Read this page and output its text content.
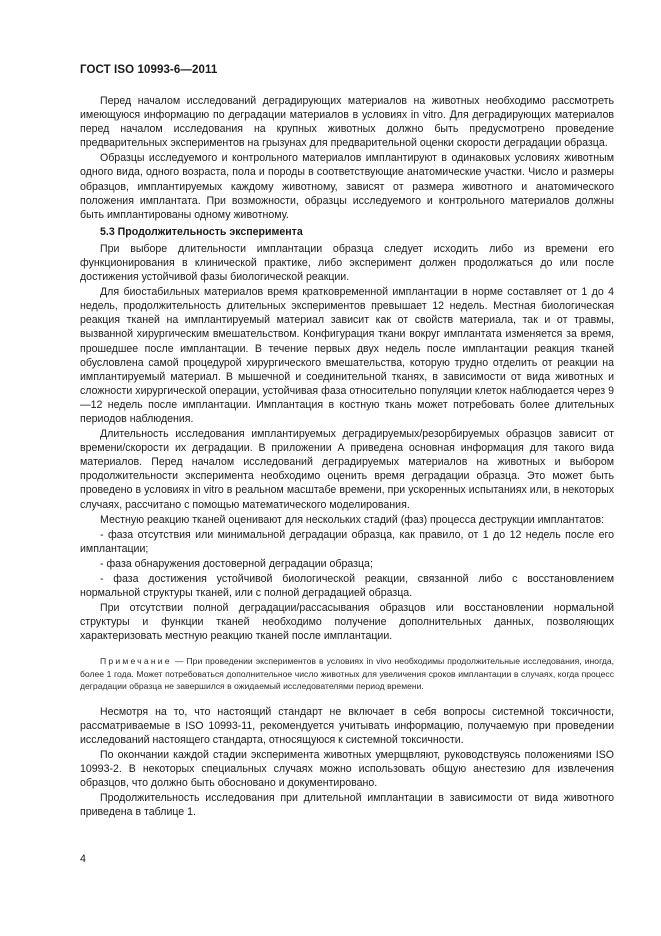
ГОСТ ISO 10993-6—2011

Перед началом исследований деградирующих материалов на животных необходимо рассмотреть имеющуюся информацию по деградации материалов в условиях in vitro. Для деградирующих материалов перед началом исследования на крупных животных должно быть предусмотрено проведение предварительных экспериментов на грызунах для предварительной оценки скорости деградации образца.

Образцы исследуемого и контрольного материалов имплантируют в одинаковых условиях животным одного вида, одного возраста, пола и породы в соответствующие анатомические участки. Число и размеры образцов, имплантируемых каждому животному, зависят от размера животного и анатомического положения имплантата. При возможности, образцы исследуемого и контрольного материалов должны быть имплантированы одному животному.

5.3 Продолжительность эксперимента

При выборе длительности имплантации образца следует исходить либо из времени его функционирования в клинической практике, либо эксперимент должен продолжаться до или после достижения устойчивой фазы биологической реакции.

Для биостабильных материалов время кратковременной имплантации в норме составляет от 1 до 4 недель, продолжительность длительных экспериментов превышает 12 недель. Местная биологическая реакция тканей на имплантируемый материал зависит как от свойств материала, так и от травмы, вызванной хирургическим вмешательством. Конфигурация ткани вокруг имплантата изменяется за время, прошедшее после имплантации. В течение первых двух недель после имплантации реакция тканей обусловлена самой процедурой хирургического вмешательства, которую трудно отделить от реакции на имплантируемый материал. В мышечной и соединительной тканях, в зависимости от вида животных и сложности хирургической операции, устойчивая фаза относительно популяции клеток наблюдается через 9—12 недель после имплантации. Имплантация в костную ткань может потребовать более длительных периодов наблюдения.

Длительность исследования имплантируемых деградируемых/резорбируемых образцов зависит от времени/скорости их деградации. В приложении А приведена основная информация для такого вида материалов. Перед началом исследований деградируемых материалов на животных и выбором продолжительности эксперимента необходимо оценить время деградации образца. Это может быть проведено в условиях in vitro в реальном масштабе времени, при ускоренных испытаниях или, в некоторых случаях, рассчитано с помощью математического моделирования.

Местную реакцию тканей оценивают для нескольких стадий (фаз) процесса деструкции имплантатов:

- фаза отсутствия или минимальной деградации образца, как правило, от 1 до 12 недель после его имплантации;

- фаза обнаружения достоверной деградации образца;

- фаза достижения устойчивой биологической реакции, связанной либо с восстановлением нормальной структуры тканей, или с полной деградацией образца.

При отсутствии полной деградации/рассасывания образцов или восстановлении нормальной структуры и функции тканей необходимо получение дополнительных данных, позволяющих характеризовать местную реакцию тканей после имплантации.

Примечание — При проведении экспериментов в условиях in vivo необходимы продолжительные исследования, иногда, более 1 года. Может потребоваться дополнительное число животных для увеличения сроков имплантации в случаях, когда процесс деградации образца не завершился в ожидаемый исследователями период времени.

Несмотря на то, что настоящий стандарт не включает в себя вопросы системной токсичности, рассматриваемые в ISO 10993-11, рекомендуется учитывать информацию, получаемую при проведении исследований настоящего стандарта, относящуюся к системной токсичности.

По окончании каждой стадии эксперимента животных умерщвляют, руководствуясь положениями ISO 10993-2. В некоторых специальных случаях можно использовать общую анестезию для извлечения образцов, что должно быть обосновано и документировано.

Продолжительность исследования при длительной имплантации в зависимости от вида животного приведена в таблице 1.

4
